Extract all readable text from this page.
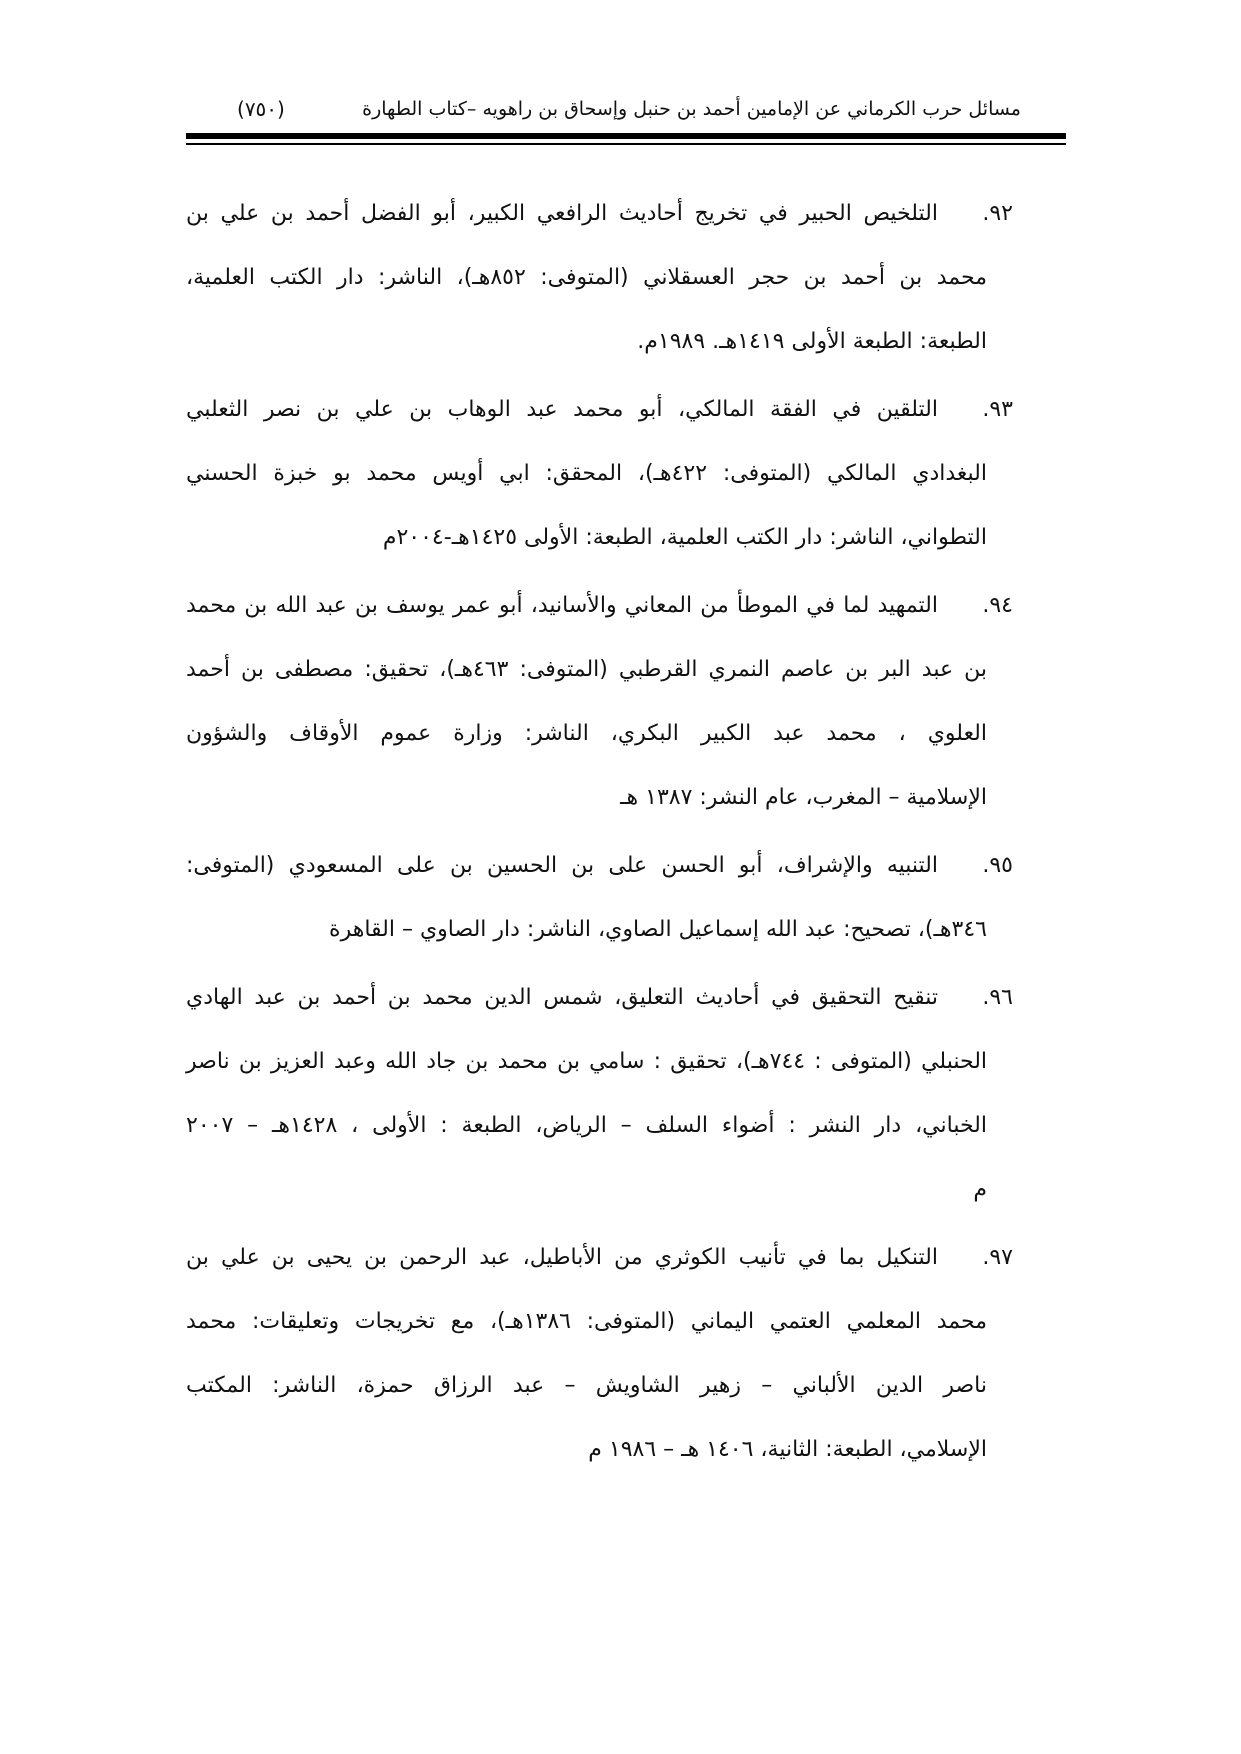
مسائل حرب الكرماني عن الإمامين أحمد بن حنبل وإسحاق بن راهويه –كتاب الطهارة
(٧٥٠)
٩٢.
التلخيص الحبير في تخريج أحاديث الرافعي الكبير، أبو الفضل أحمد بن علي بن
محمد بن أحمد بن حجر العسقلاني (المتوفى: ٨٥٢هـ)، الناشر: دار الكتب العلمية،
الطبعة: الطبعة الأولى ١٤١٩هـ. ١٩٨٩م.
٩٣.
التلقين في الفقة المالكي، أبو محمد عبد الوهاب بن علي بن نصر الثعلبي
البغدادي المالكي (المتوفى: ٤٢٢هـ)، المحقق: ابي أويس محمد بو خبزة الحسني
التطواني، الناشر: دار الكتب العلمية، الطبعة: الأولى ١٤٢٥هـ-٢٠٠٤م
٩٤.
التمهيد لما في الموطأ من المعاني والأسانيد، أبو عمر يوسف بن عبد الله بن محمد
بن عبد البر بن عاصم النمري القرطبي (المتوفى: ٤٦٣هـ)، تحقيق: مصطفى بن أحمد
العلوي ، محمد عبد الكبير البكري، الناشر: وزارة عموم الأوقاف والشؤون
الإسلامية – المغرب، عام النشر: ١٣٨٧ هـ
٩٥.
التنبيه والإشراف، أبو الحسن على بن الحسين بن على المسعودي (المتوفى:
٣٤٦هـ)، تصحيح: عبد الله إسماعيل الصاوي، الناشر: دار الصاوي – القاهرة
٩٦.
تنقيح التحقيق في أحاديث التعليق، شمس الدين محمد بن أحمد بن عبد الهادي
الحنبلي (المتوفى : ٧٤٤هـ)، تحقيق : سامي بن محمد بن جاد الله وعبد العزيز بن ناصر
الخباني، دار النشر : أضواء السلف – الرياض، الطبعة : الأولى ، ١٤٢٨هـ – ٢٠٠٧
م
٩٧.
التنكيل بما في تأنيب الكوثري من الأباطيل، عبد الرحمن بن يحيى بن علي بن
محمد المعلمي العتمي اليماني (المتوفى: ١٣٨٦هـ)، مع تخريجات وتعليقات: محمد
ناصر الدين الألباني – زهير الشاويش – عبد الرزاق حمزة، الناشر: المكتب
الإسلامي، الطبعة: الثانية، ١٤٠٦ هـ – ١٩٨٦ م
